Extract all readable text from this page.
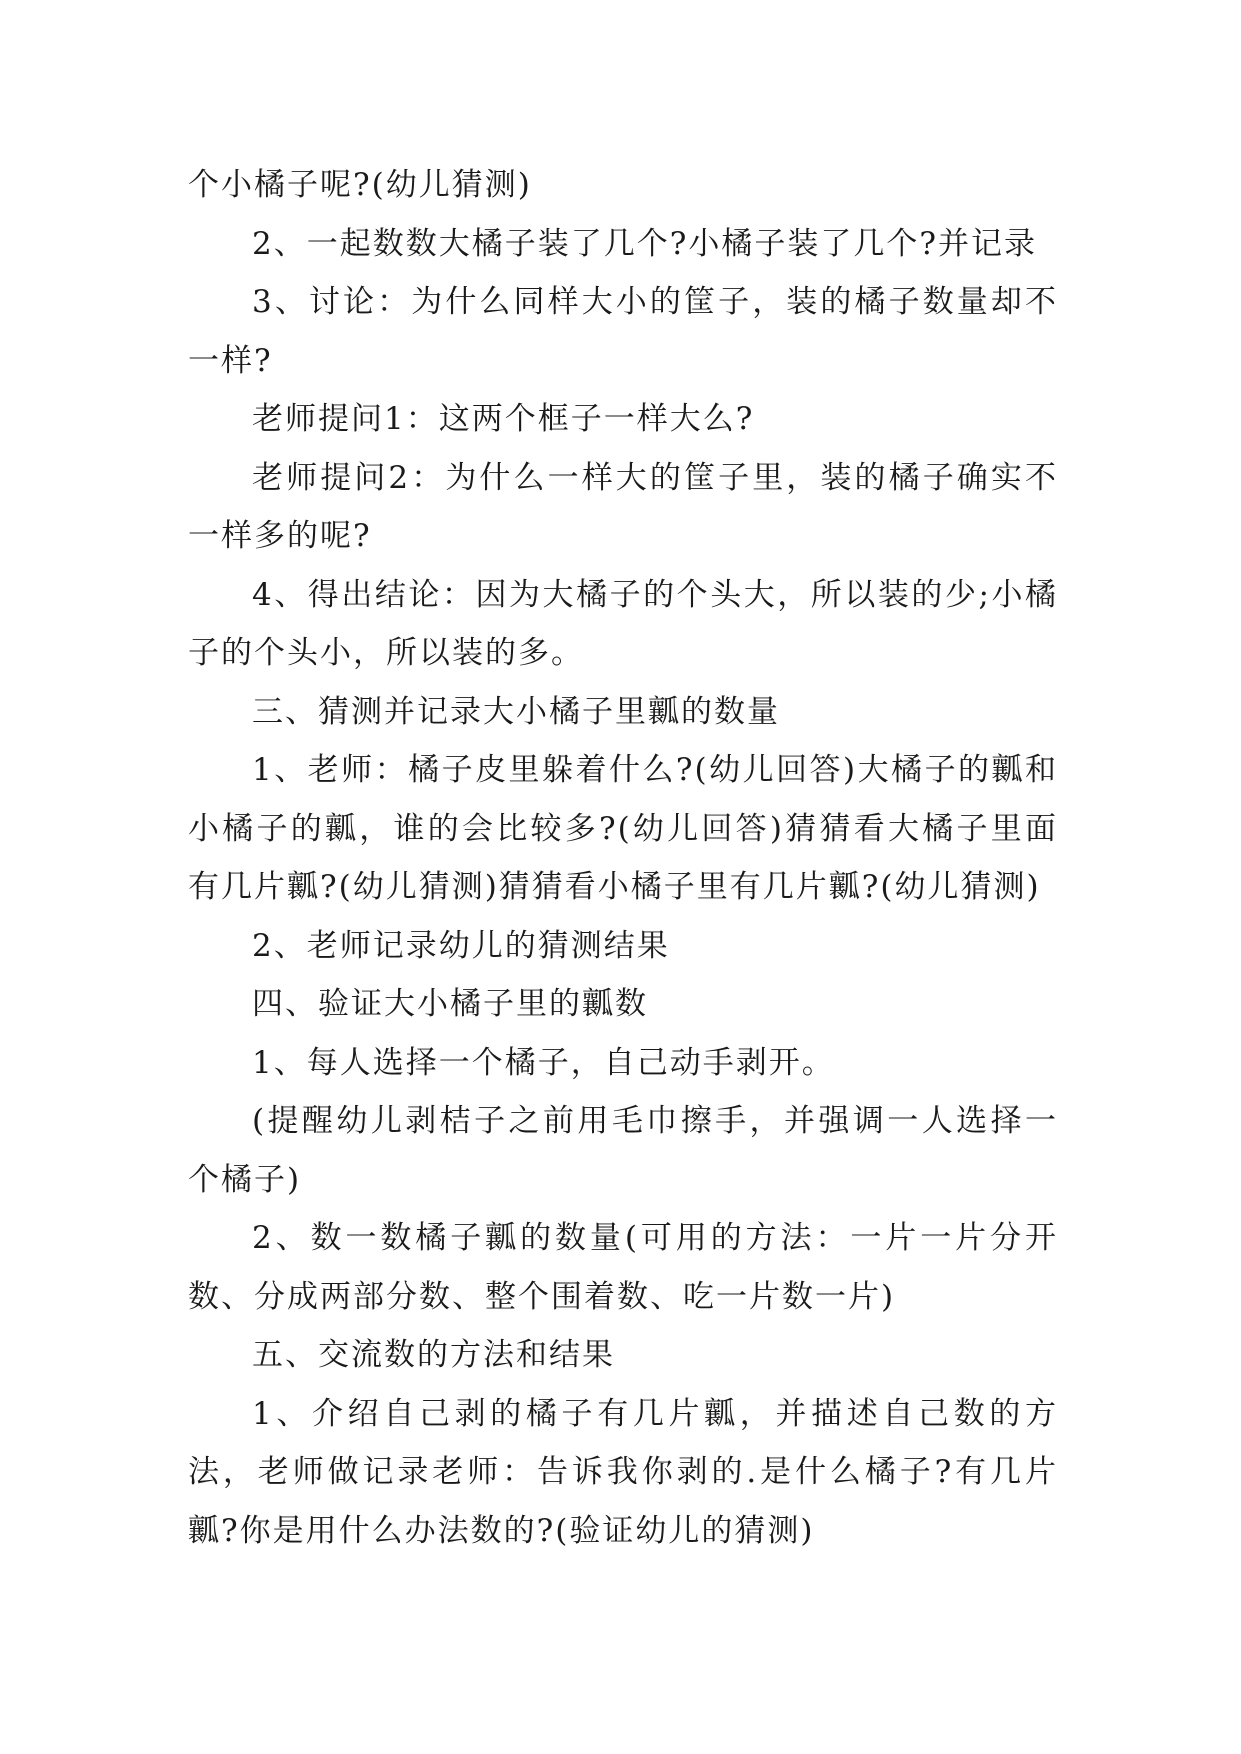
个小橘子呢?(幼儿猜测)

2、一起数数大橘子装了几个?小橘子装了几个?并记录

3、讨论：为什么同样大小的筐子，装的橘子数量却不一样?

老师提问1：这两个框子一样大么?

老师提问2：为什么一样大的筐子里，装的橘子确实不一样多的呢?

4、得出结论：因为大橘子的个头大，所以装的少;小橘子的个头小，所以装的多。

三、猜测并记录大小橘子里瓤的数量

1、老师：橘子皮里躲着什么?(幼儿回答)大橘子的瓤和小橘子的瓤，谁的会比较多?(幼儿回答)猜猜看大橘子里面有几片瓤?(幼儿猜测)猜猜看小橘子里有几片瓤?(幼儿猜测)

2、老师记录幼儿的猜测结果

四、验证大小橘子里的瓤数

1、每人选择一个橘子，自己动手剥开。

(提醒幼儿剥桔子之前用毛巾擦手，并强调一人选择一个橘子)

2、数一数橘子瓤的数量(可用的方法：一片一片分开数、分成两部分数、整个围着数、吃一片数一片)

五、交流数的方法和结果

1、介绍自己剥的橘子有几片瓤，并描述自己数的方法，老师做记录老师：告诉我你剥的.是什么橘子?有几片瓤?你是用什么办法数的?(验证幼儿的猜测)
